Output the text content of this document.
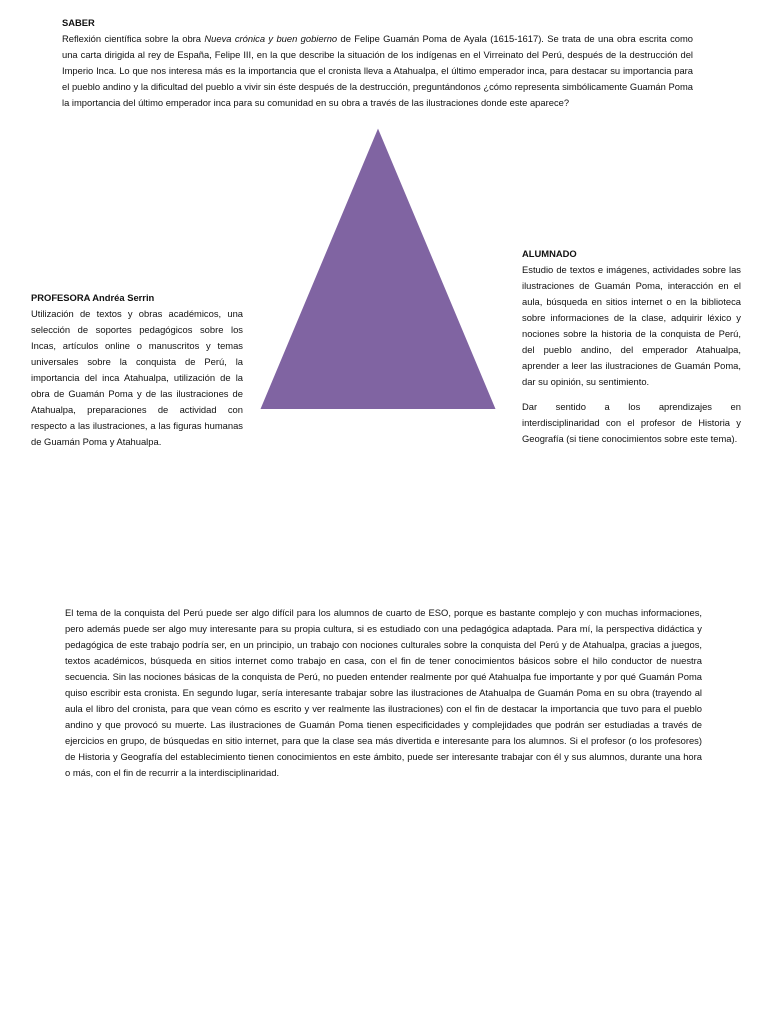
SABER

Reflexión científica sobre la obra Nueva crónica y buen gobierno de Felipe Guamán Poma de Ayala (1615-1617). Se trata de una obra escrita como una carta dirigida al rey de España, Felipe III, en la que describe la situación de los indígenas en el Virreinato del Perú, después de la destrucción del Imperio Inca. Lo que nos interesa más es la importancia que el cronista lleva a Atahualpa, el último emperador inca, para destacar su importancia para el pueblo andino y la dificultad del pueblo a vivir sin éste después de la destrucción, preguntándonos ¿cómo representa simbólicamente Guamán Poma la importancia del último emperador inca para su comunidad en su obra a través de las ilustraciones donde este aparece?

PROFESORA Andréa Serrin

Utilización de textos y obras académicos, una selección de soportes pedagógicos sobre los Incas, artículos online o manuscritos y temas universales sobre la conquista de Perú, la importancia del inca Atahualpa, utilización de la obra de Guamán Poma y de las ilustraciones de Atahualpa, preparaciones de actividad con respecto a las ilustraciones, a las figuras humanas de Guamán Poma y Atahualpa.

ALUMNADO

Estudio de textos e imágenes, actividades sobre las ilustraciones de Guamán Poma, interacción en el aula, búsqueda en sitios internet o en la biblioteca sobre informaciones de la clase, adquirir léxico y nociones sobre la historia de la conquista de Perú, del pueblo andino, del emperador Atahualpa, aprender a leer las ilustraciones de Guamán Poma, dar su opinión, su sentimiento.

Dar sentido a los aprendizajes en interdisciplinaridad con el profesor de Historia y Geografía (si tiene conocimientos sobre este tema).

El tema de la conquista del Perú puede ser algo difícil para los alumnos de cuarto de ESO, porque es bastante complejo y con muchas informaciones, pero además puede ser algo muy interesante para su propia cultura, si es estudiado con una pedagógica adaptada. Para mí, la perspectiva didáctica y pedagógica de este trabajo podría ser, en un principio, un trabajo con nociones culturales sobre la conquista del Perú y de Atahualpa, gracias a juegos, textos académicos, búsqueda en sitios internet como trabajo en casa, con el fin de tener conocimientos básicos sobre el hilo conductor de nuestra secuencia. Sin las nociones básicas de la conquista de Perú, no pueden entender realmente por qué Atahualpa fue importante y por qué Guamán Poma quiso escribir esta cronista. En segundo lugar, sería interesante trabajar sobre las ilustraciones de Atahualpa de Guamán Poma en su obra (trayendo al aula el libro del cronista, para que vean cómo es escrito y ver realmente las ilustraciones) con el fin de destacar la importancia que tuvo para el pueblo andino y que provocó su muerte. Las ilustraciones de Guamán Poma tienen especificidades y complejidades que podrán ser estudiadas a través de ejercicios en grupo, de búsquedas en sitio internet, para que la clase sea más divertida e interesante para los alumnos. Si el profesor (o los profesores) de Historia y Geografía del establecimiento tienen conocimientos en este ámbito, puede ser interesante trabajar con él y sus alumnos, durante una hora o más, con el fin de recurrir a la interdisciplinaridad.
